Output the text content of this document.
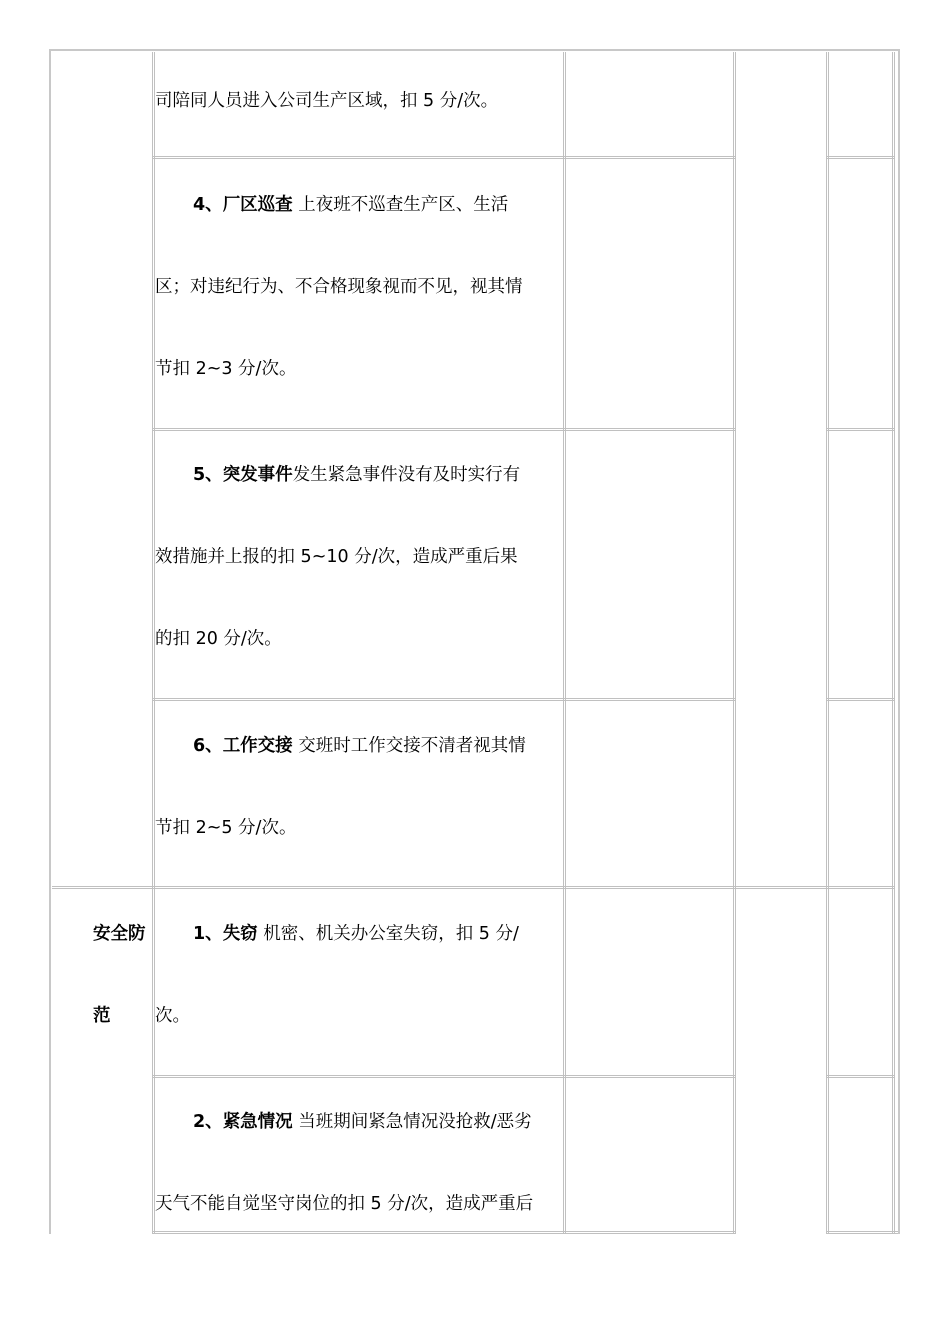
司陪同人员进入公司生产区域，扣 5 分/次。
4、厂区巡查 上夜班不巡查生产区、生活
区；对违纪行为、不合格现象视而不见，视其情
节扣 2~3 分/次。
5、突发事件发生紧急事件没有及时实行有
效措施并上报的扣 5~10 分/次，造成严重后果
的扣 20 分/次。
6、工作交接 交班时工作交接不清者视其情
节扣 2~5 分/次。
安全防
范
1、失窃 机密、机关办公室失窃，扣 5 分/
次。
2、紧急情况 当班期间紧急情况没抢救/恶劣
天气不能自觉坚守岗位的扣 5 分/次，造成严重后
